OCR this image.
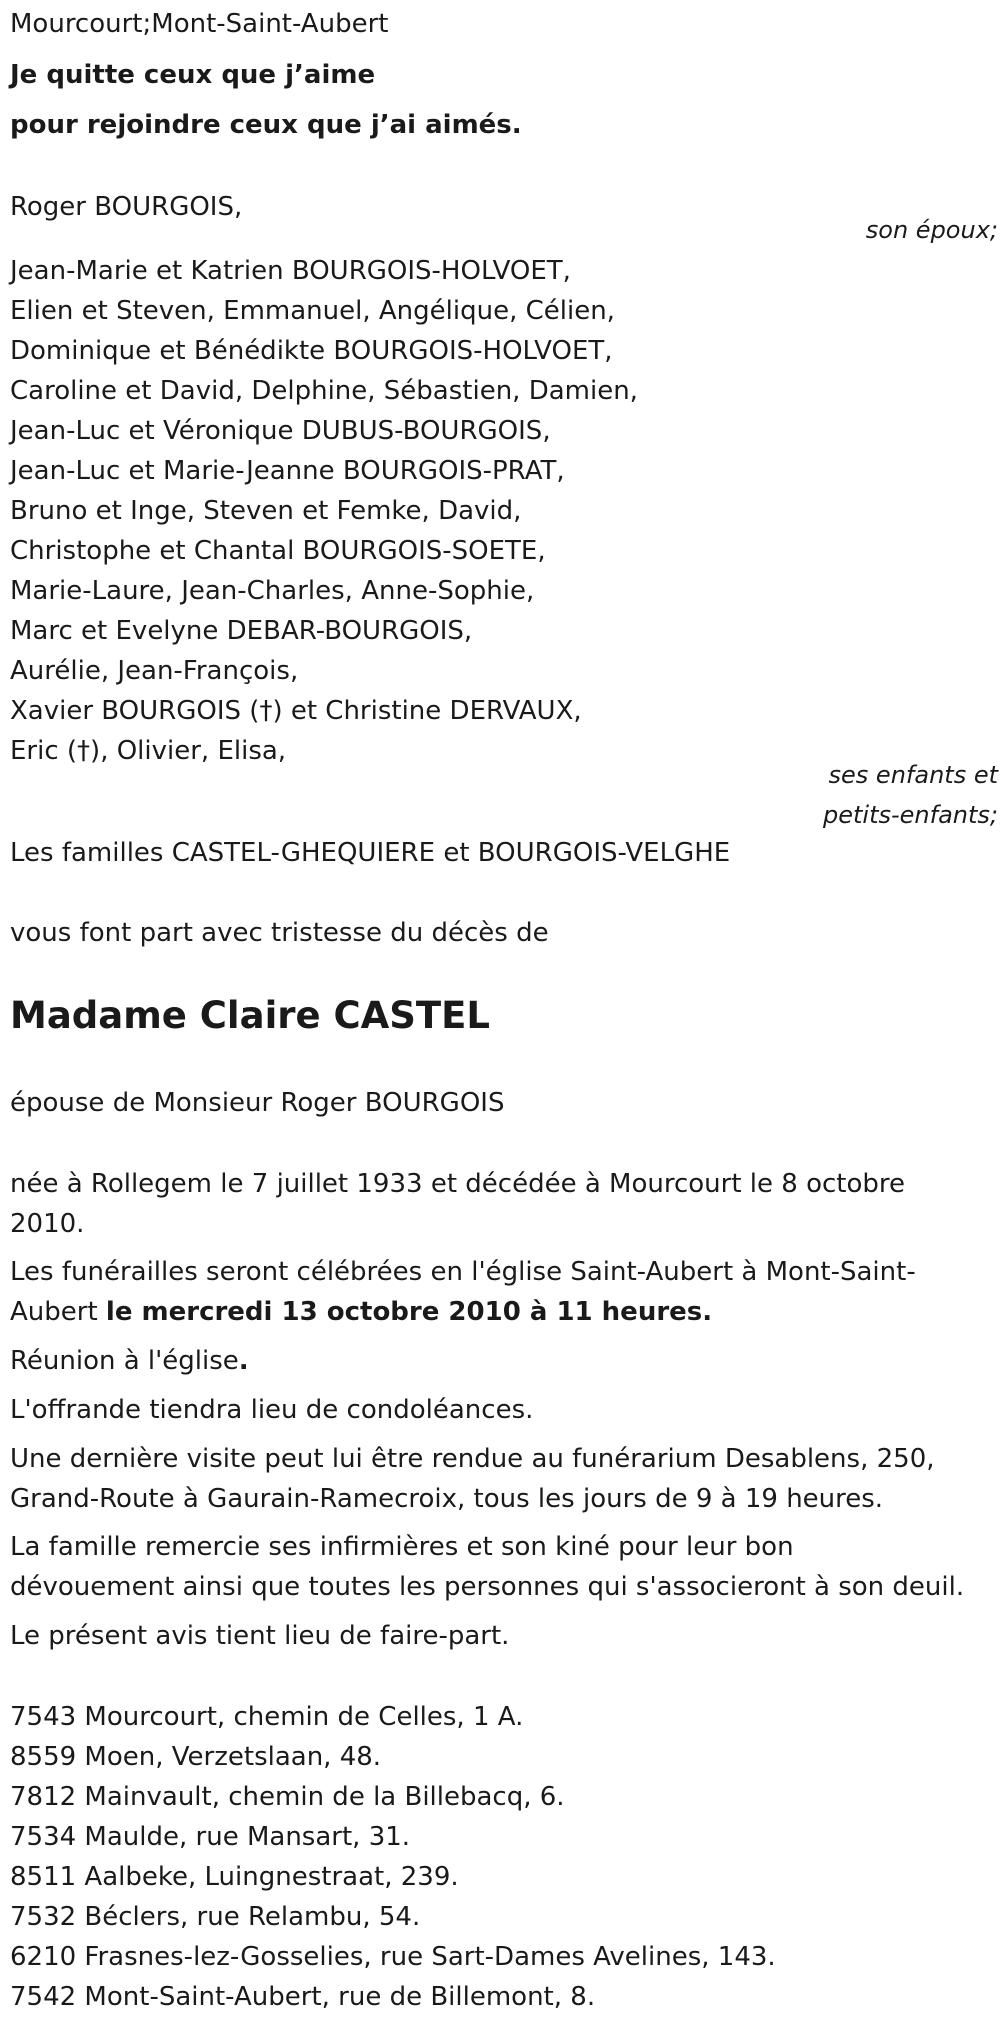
Mourcourt;Mont-Saint-Aubert
Je quitte ceux que j’aime
pour rejoindre ceux que j’ai aimés.
Roger BOURGOIS,
son époux;
Jean-Marie et Katrien BOURGOIS-HOLVOET,
Elien et Steven, Emmanuel, Angélique, Célien,
Dominique et Bénédikte BOURGOIS-HOLVOET,
Caroline et David, Delphine, Sébastien, Damien,
Jean-Luc et Véronique DUBUS-BOURGOIS,
Jean-Luc et Marie-Jeanne BOURGOIS-PRAT,
Bruno et Inge, Steven et Femke, David,
Christophe et Chantal BOURGOIS-SOETE,
Marie-Laure, Jean-Charles, Anne-Sophie,
Marc et Evelyne DEBAR-BOURGOIS,
Aurélie, Jean-François,
Xavier BOURGOIS (†) et Christine DERVAUX,
Eric (†), Olivier, Elisa,
ses enfants et
petits-enfants;
Les familles CASTEL-GHEQUIERE et BOURGOIS-VELGHE
vous font part avec tristesse du décès de
Madame Claire CASTEL
épouse de Monsieur Roger BOURGOIS
née à Rollegem le 7 juillet 1933 et décédée à Mourcourt le 8 octobre
2010.
Les funérailles seront célébrées en l'église Saint-Aubert à Mont-Saint-
Aubert le mercredi 13 octobre 2010 à 11 heures.
Réunion à l'église.
L'offrande tiendra lieu de condoléances.
Une dernière visite peut lui être rendue au funérarium Desablens, 250,
Grand-Route à Gaurain-Ramecroix, tous les jours de 9 à 19 heures.
La famille remercie ses infirmières et son kiné pour leur bon
dévouement ainsi que toutes les personnes qui s'associeront à son deuil.
Le présent avis tient lieu de faire-part.
7543 Mourcourt, chemin de Celles, 1 A.
8559 Moen, Verzetslaan, 48.
7812 Mainvault, chemin de la Billebacq, 6.
7534 Maulde, rue Mansart, 31.
8511 Aalbeke, Luingnestraat, 239.
7532 Béclers, rue Relambu, 54.
6210 Frasnes-lez-Gosselies, rue Sart-Dames Avelines, 143.
7542 Mont-Saint-Aubert, rue de Billemont, 8.
